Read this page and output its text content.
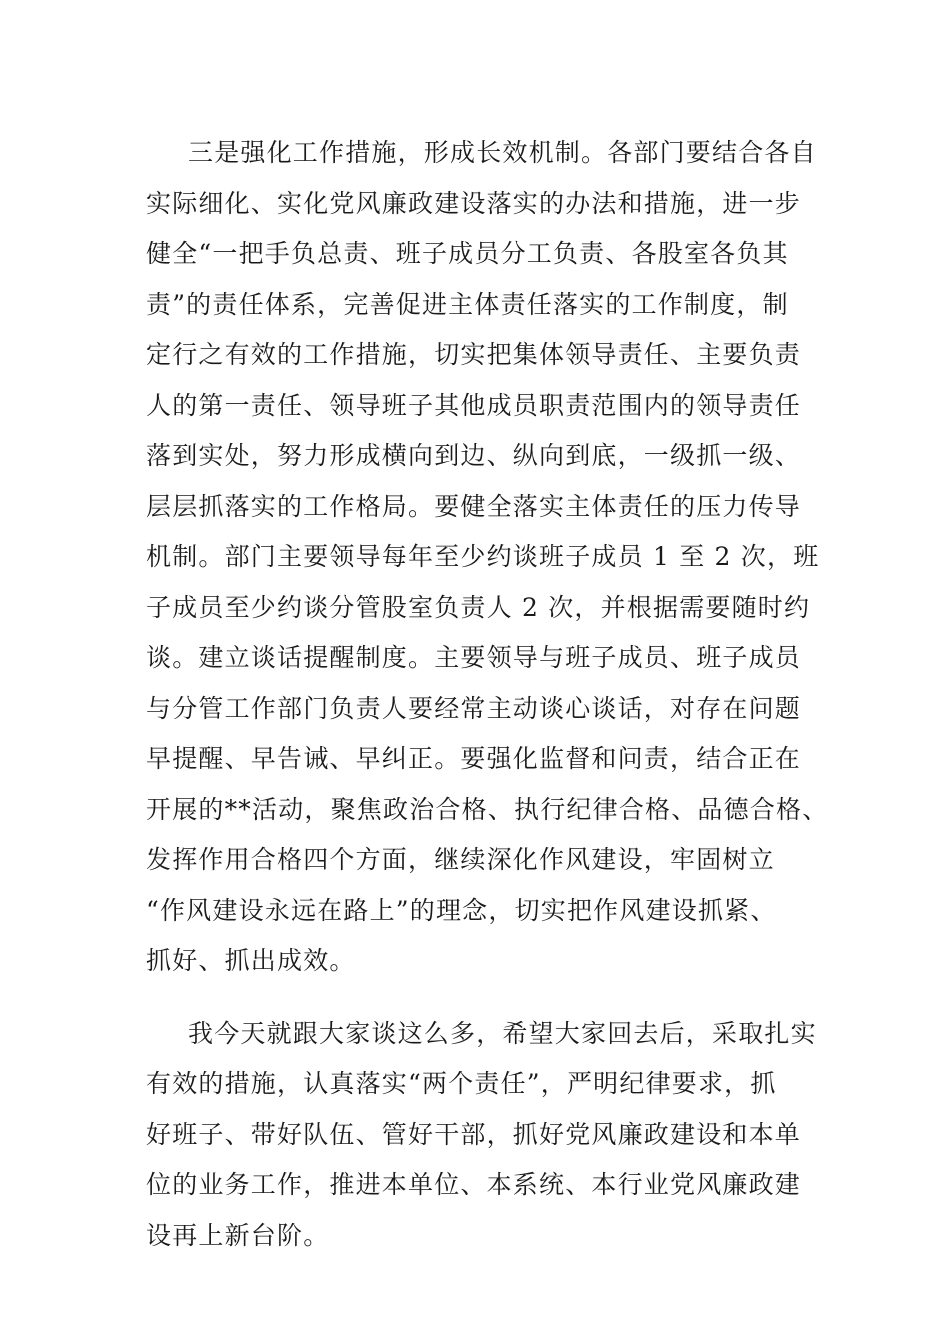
三是强化工作措施，形成长效机制。各部门要结合各自
实际细化、实化党风廉政建设落实的办法和措施，进一步
健全“一把手负总责、班子成员分工负责、各股室各负其
责”的责任体系，完善促进主体责任落实的工作制度，制
定行之有效的工作措施，切实把集体领导责任、主要负责
人的第一责任、领导班子其他成员职责范围内的领导责任
落到实处，努力形成横向到边、纵向到底，一级抓一级、
层层抓落实的工作格局。要健全落实主体责任的压力传导
机制。部门主要领导每年至少约谈班子成员 1 至 2 次，班
子成员至少约谈分管股室负责人 2 次，并根据需要随时约
谈。建立谈话提醒制度。主要领导与班子成员、班子成员
与分管工作部门负责人要经常主动谈心谈话，对存在问题
早提醒、早告诫、早纠正。要强化监督和问责，结合正在
开展的**活动，聚焦政治合格、执行纪律合格、品德合格、
发挥作用合格四个方面，继续深化作风建设，牢固树立
“作风建设永远在路上”的理念，切实把作风建设抓紧、
抓好、抓出成效。
我今天就跟大家谈这么多，希望大家回去后，采取扎实
有效的措施，认真落实“两个责任”，严明纪律要求，抓
好班子、带好队伍、管好干部，抓好党风廉政建设和本单
位的业务工作，推进本单位、本系统、本行业党风廉政建
设再上新台阶。
